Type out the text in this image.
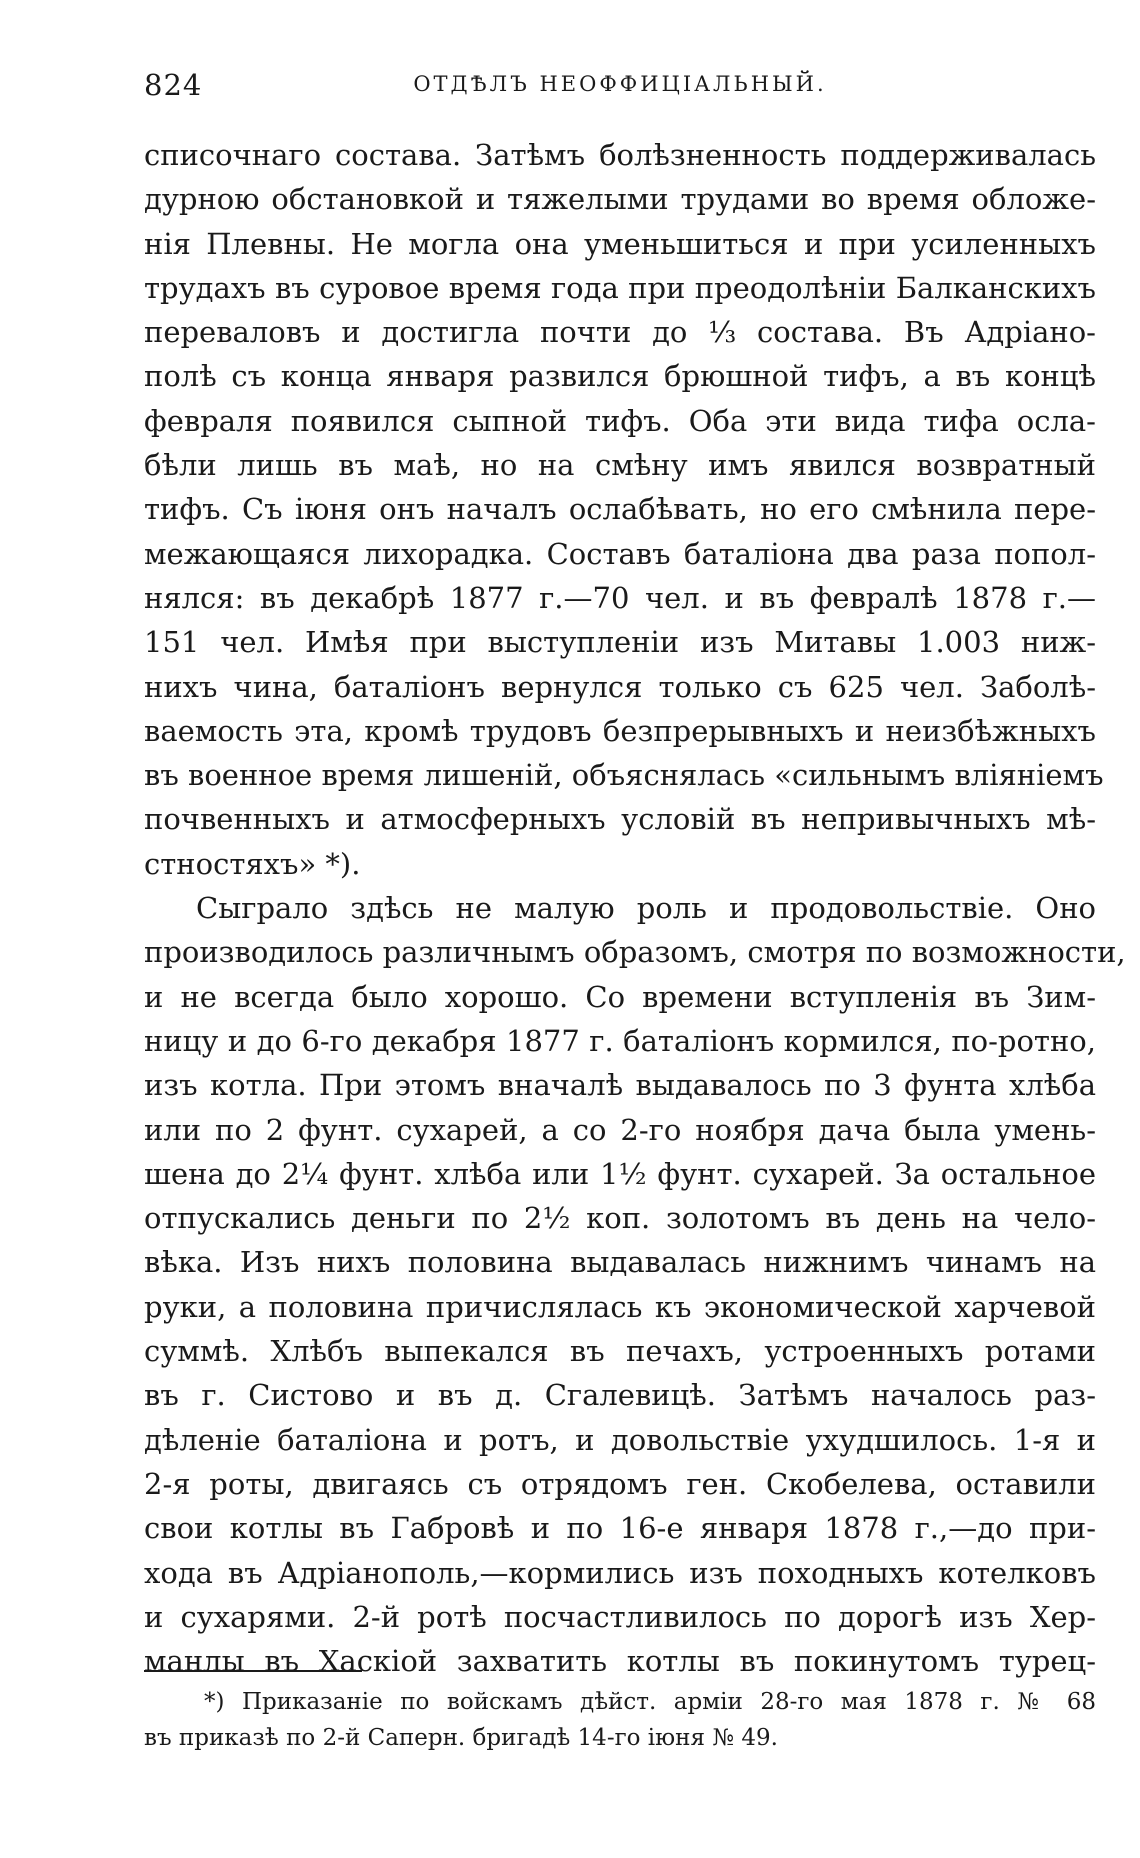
824	ОТДѢЛЪ НЕОФФИЦІАЛЬНЫЙ.
списочнаго состава. Затѣмъ болѣзненность поддерживалась
дурною обстановкой и тяжелыми трудами во время обложе-
нія Плевны. Не могла она уменьшиться и при усиленныхъ
трудахъ въ суровое время года при преодолѣніи Балканскихъ
переваловъ и достигла почти до ⅓ состава. Въ Адріано-
полѣ съ конца января развился брюшной тифъ, а въ концѣ
февраля появился сыпной тифъ. Оба эти вида тифа осла-
бѣли лишь въ маѣ, но на смѣну имъ явился возвратный
тифъ. Съ іюня онъ началъ ослабѣвать, но его смѣнила пере-
межающаяся лихорадка. Составъ баталіона два раза попол-
нялся: въ декабрѣ 1877 г.—70 чел. и въ февралѣ 1878 г.—
151 чел. Имѣя при выступленіи изъ Митавы 1.003 ниж-
нихъ чина, баталіонъ вернулся только съ 625 чел. Заболѣ-
ваемость эта, кромѣ трудовъ безпрерывныхъ и неизбѣжныхъ
въ военное время лишеній, объяснялась «сильнымъ вліяніемъ
почвенныхъ и атмосферныхъ условій въ непривычныхъ мѣ-
стностяхъ» *).
Сыграло здѣсь не малую роль и продовольствіе. Оно
производилось различнымъ образомъ, смотря по возможности,
и не всегда было хорошо. Со времени вступленія въ Зим-
ницу и до 6-го декабря 1877 г. баталіонъ кормился, по-ротно,
изъ котла. При этомъ вначалѣ выдавалось по 3 фунта хлѣба
или по 2 фунт. сухарей, а со 2-го ноября дача была умень-
шена до 2¼ фунт. хлѣба или 1½ фунт. сухарей. За остальное
отпускались деньги по 2½ коп. золотомъ въ день на чело-
вѣка. Изъ нихъ половина выдавалась нижнимъ чинамъ на
руки, а половина причислялась къ экономической харчевой
суммѣ. Хлѣбъ выпекался въ печахъ, устроенныхъ ротами
въ г. Систово и въ д. Сгалевицѣ. Затѣмъ началось раз-
дѣленіе баталіона и ротъ, и довольствіе ухудшилось. 1-я и
2-я роты, двигаясь съ отрядомъ ген. Скобелева, оставили
свои котлы въ Габровѣ и по 16-е января 1878 г.,—до при-
хода въ Адріанополь,—кормились изъ походныхъ котелковъ
и сухарями. 2-й ротѣ посчастливилось по дорогѣ изъ Хер-
манлы въ Хаскіой захватить котлы въ покинутомъ турец-
*) Приказаніе по войскамъ дѣйст. арміи 28-го мая 1878 г. № 68
въ приказѣ по 2-й Саперн. бригадѣ 14-го іюня № 49.
